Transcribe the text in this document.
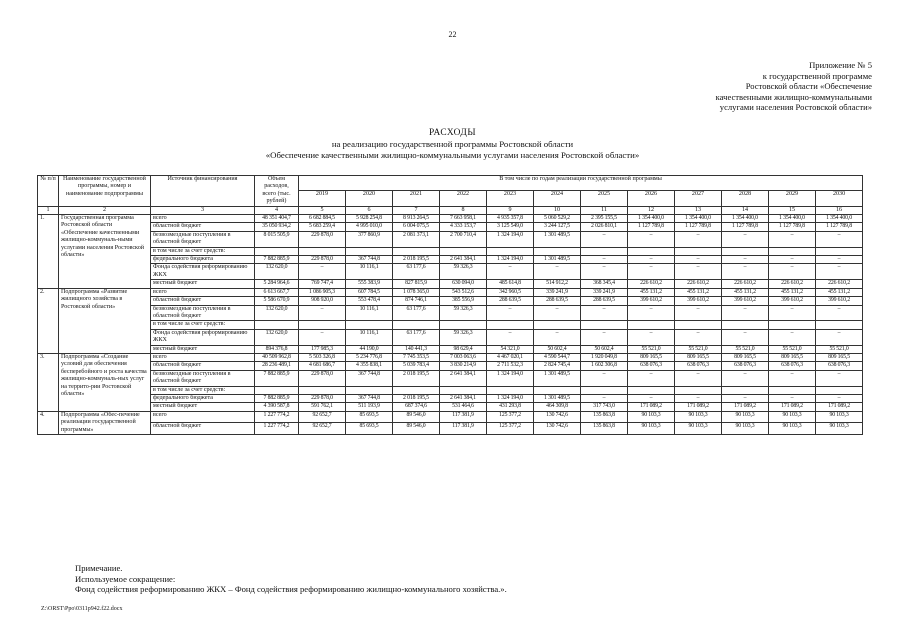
22
Приложение № 5
к государственной программе
Ростовской области «Обеспечение
качественными жилищно-коммунальными
услугами населения Ростовской области»
РАСХОДЫ
на реализацию государственной программы Ростовской области
«Обеспечение качественными жилищно-коммунальными услугами населения Ростовской области»
№ п/п	Наименование государственной программы, номер и наименование подпрограммы	Источник финансирования	Объем расходов, всего (тыс. рублей)	В том числе по годам реализации государственной программы											
				2019	2020	2021	2022	2023	2024	2025	2026	2027	2028	2029	2030
1	2	3	4	5	6	7	8	9	10	11	12	13	14	15	16
1.	Государственная программа Ростовской области «Обеспечение качественными жилищно-коммуналь-ными услугами населения Ростовской области»	всего	48 351 404,7	6 682 884,5	5 928 254,8	8 913 264,5	7 663 958,1	4 935 357,8	5 060 529,2	2 395 155,5	1 354 400,0	1 354 400,0	1 354 400,0	1 354 400,0	1 354 400,0
		областной бюджет	35 050 934,2	5 683 259,4	4 995 010,0	6 004 075,5	4 333 153,7	3 125 549,0	3 244 127,5	2 026 810,1	1 127 789,8	1 127 789,8	1 127 789,8	1 127 789,8	1 127 789,8
		безвозмездные поступления в областной бюджет	8 015 505,9	229 878,0	377 860,9	2 081 373,1	2 700 710,4	1 324 194,0	1 301 489,5	–	–	–	–	–	–
		в том числе за счет средств:													
		федерального бюджета	7 882 885,9	229 878,0	367 744,8	2 018 195,5	2 641 384,1	1 324 194,0	1 301 489,5	–	–	–	–	–	–
		Фонда содействия реформированию ЖКХ	132 620,0	–	10 116,1	63 177,6	59 326,3	–	–	–	–	–	–	–	–
		местный бюджет	5 284 964,6	769 747,4	555 383,9	827 815,9	630 094,0	485 614,8	514 912,2	368 345,4	226 610,2	226 610,2	226 610,2	226 610,2	226 610,2
2.	Подпрограмма «Развитие жилищного хозяйства в Ростовской области»	всего	6 613 667,7	1 086 905,3	607 784,5	1 078 365,0	543 512,6	342 960,5	339 241,9	339 241,9	455 131,2	455 131,2	455 131,2	455 131,2	455 131,2
		областной бюджет	5 586 670,9	908 920,0	553 478,4	874 746,1	385 556,9	288 639,5	288 639,5	288 639,5	399 610,2	399 610,2	399 610,2	399 610,2	399 610,2
		безвозмездные поступления в областной бюджет	132 620,0	–	10 116,1	63 177,6	59 326,3	–	–	–	–	–	–	–	–
		в том числе за счет средств:													
		Фонда содействия реформированию ЖКХ	132 620,0	–	10 116,1	63 177,6	59 326,3	–	–	–	–	–	–	–	–
		местный бюджет	894 376,8	177 985,3	44 190,0	140 441,3	98 629,4	54 321,0	50 602,4	50 602,4	55 521,0	55 521,0	55 521,0	55 521,0	55 521,0
3.	Подпрограмма «Создание условий для обеспечения бесперебойного и роста качества жилищно-коммуналь-ных услуг на террито-рии Ростовской области»	всего	40 509 962,8	5 503 326,8	5 234 776,8	7 745 353,5	7 003 063,6	4 467 020,1	4 590 544,7	1 920 049,8	809 165,5	809 165,5	809 165,5	809 165,5	809 165,5
		областной бюджет	28 236 489,1	4 681 686,7	4 355 838,1	5 039 783,4	3 830 214,9	2 711 532,3	2 824 745,4	1 602 306,8	638 076,3	638 076,3	638 076,3	638 076,3	638 076,3
		безвозмездные поступления в областной бюджет	7 882 885,9	229 878,0	367 744,8	2 018 195,5	2 641 384,1	1 324 194,0	1 301 489,5	–	–	–	–	–	–
		в том числе за счет средств:													
		федерального бюджета	7 882 885,9	229 878,0	367 744,8	2 018 195,5	2 641 384,1	1 324 194,0	1 301 489,5	–	–	–	–	–	–
		местный бюджет	4 390 587,8	591 762,1	511 193,9	687 374,6	531 464,6	431 293,8	464 309,8	317 743,0	171 089,2	171 089,2	171 089,2	171 089,2	171 089,2
4.	Подпрограмма «Обес-печение реализации государственной программы»	всего	1 227 774,2	92 652,7	85 693,5	89 546,0	117 381,9	125 377,2	130 742,6	135 863,8	90 103,3	90 103,3	90 103,3	90 103,3	90 103,3
		областной бюджет	1 227 774,2	92 652,7	85 693,5	89 546,0	117 381,9	125 377,2	130 742,6	135 863,8	90 103,3	90 103,3	90 103,3	90 103,3	90 103,3
Примечание.
Используемое сокращение:
Фонд содействия реформированию ЖКХ – Фонд содействия реформированию жилищно-коммунального хозяйства.».
Z:\ORST\Ppo\0311p942.f22.docx
